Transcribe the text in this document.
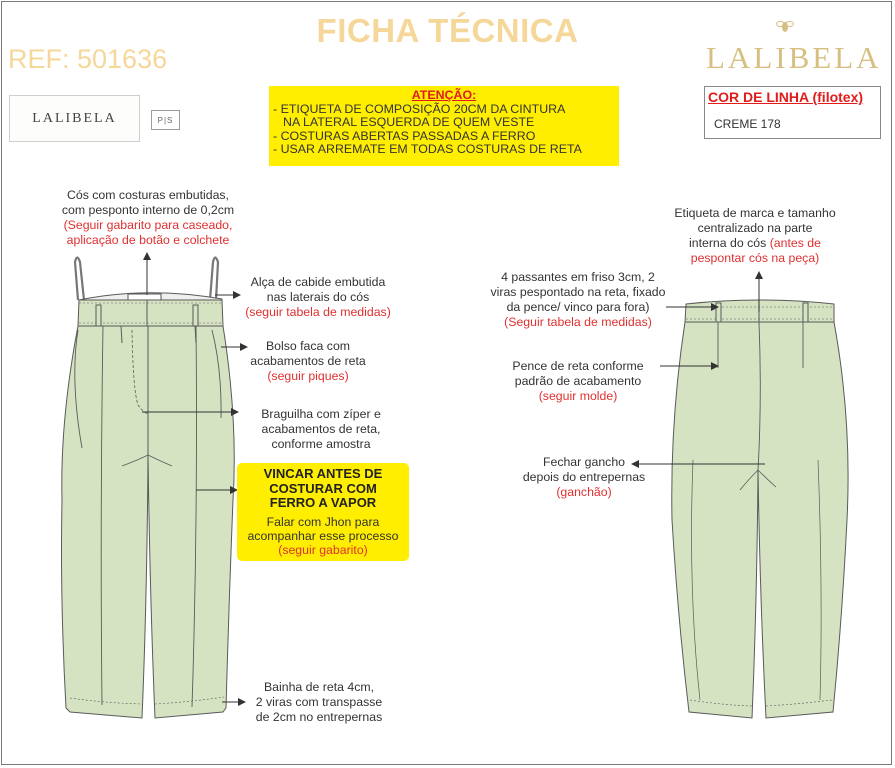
FICHA TÉCNICA
REF: 501636	LALIBELA
LALIBELA	P|S
ATENÇÃO:
- ETIQUETA DE COMPOSIÇÃO 20CM DA CINTURA
NA LATERAL ESQUERDA DE QUEM VESTE
- COSTURAS ABERTAS PASSADAS A FERRO
- USAR ARREMATE EM TODAS COSTURAS DE RETA
COR DE LINHA (filotex)
CREME 178
Cós com costuras embutidas,
com pesponto interno de 0,2cm
(Seguir gabarito para caseado,
aplicação de botão e colchete
Alça de cabide embutida
nas laterais do cós
(seguir tabela de medidas)
Bolso faca com
acabamentos de reta
(seguir piques)
Braguilha com zíper e
acabamentos de reta,
conforme amostra
VINCAR ANTES DE
COSTURAR COM
FERRO A VAPOR
Falar com Jhon para
acompanhar esse processo
(seguir gabarito)
Bainha de reta 4cm,
2 viras com transpasse
de 2cm no entrepernas
Etiqueta de marca e tamanho
centralizado na parte
interna do cós (antes de
pespontar cós na peça)
4 passantes em friso 3cm, 2
viras pespontado na reta, fixado
da pence/ vinco para fora)
(Seguir tabela de medidas)
Pence de reta conforme
padrão de acabamento
(seguir molde)
Fechar gancho
depois do entrepernas
(ganchão)
